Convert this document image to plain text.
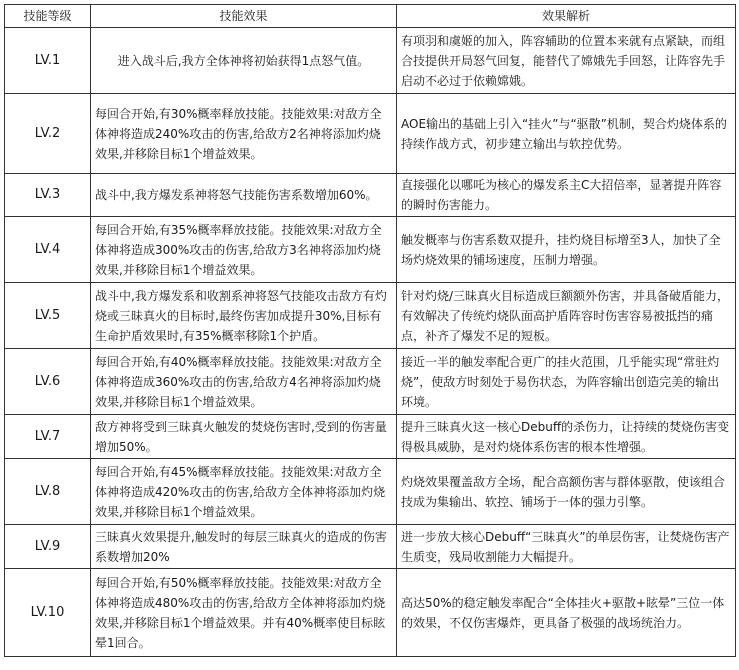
技能等级	技能效果	效果解析
LV.1	进入战斗后,我方全体神将初始获得1点怒气值。	有项羽和虞姬的加入，阵容辅助的位置本来就有点紧缺，而组合技提供开局怒气回复，能替代了嫦娥先手回怒，让阵容先手启动不必过于依赖嫦娥。
LV.2	每回合开始,有30%概率释放技能。技能效果:对敌方全体神将造成240%攻击的伤害,给敌方2名神将添加灼烧效果,并移除目标1个增益效果。	AOE输出的基础上引入“挂火”与“驱散”机制，契合灼烧体系的持续作战方式，初步建立输出与软控优势。
LV.3	战斗中,我方爆发系神将怒气技能伤害系数增加60%。	直接强化以哪吒为核心的爆发系主C大招倍率，显著提升阵容的瞬时伤害能力。
LV.4	每回合开始,有35%概率释放技能。技能效果:对敌方全体神将造成300%攻击的伤害,给敌方3名神将添加灼烧效果,并移除目标1个增益效果。	触发概率与伤害系数双提升，挂灼烧目标增至3人，加快了全场灼烧效果的铺场速度，压制力增强。
LV.5	战斗中,我方爆发系和收割系神将怒气技能攻击敌方有灼烧或三昧真火的目标时,最终伤害加成提升30%,目标有生命护盾效果时,有35%概率移除1个护盾。	针对灼烧/三昧真火目标造成巨额额外伤害，并具备破盾能力，有效解决了传统灼烧队面高护盾阵容时伤害容易被抵挡的痛点，补齐了爆发不足的短板。
LV.6	每回合开始,有40%概率释放技能。技能效果:对敌方全体神将造成360%攻击的伤害,给敌方4名神将添加灼烧效果,并移除目标1个增益效果。	接近一半的触发率配合更广的挂火范围，几乎能实现“常驻灼烧”，使敌方时刻处于易伤状态，为阵容输出创造完美的输出环境。
LV.7	敌方神将受到三昧真火触发的焚烧伤害时,受到的伤害量增加50%。	提升三昧真火这一核心Debuff的杀伤力，让持续的焚烧伤害变得极具威胁，是对灼烧体系伤害的根本性增强。
LV.8	每回合开始,有45%概率释放技能。技能效果:对敌方全体神将造成420%攻击的伤害,给敌方全体神将添加灼烧效果,并移除目标1个增益效果。	灼烧效果覆盖敌方全场，配合高额伤害与群体驱散，使该组合技成为集输出、软控、铺场于一体的强力引擎。
LV.9	三昧真火效果提升,触发时的每层三昧真火的造成的伤害系数增加20%	进一步放大核心Debuff“三昧真火”的单层伤害，让焚烧伤害产生质变，残局收割能力大幅提升。
LV.10	每回合开始,有50%概率释放技能。技能效果:对敌方全体神将造成480%攻击的伤害,给敌方全体神将添加灼烧效果,并移除目标1个增益效果。并有40%概率使目标眩晕1回合。	高达50%的稳定触发率配合“全体挂火+驱散+眩晕”三位一体的效果，不仅伤害爆炸，更具备了极强的战场统治力。
